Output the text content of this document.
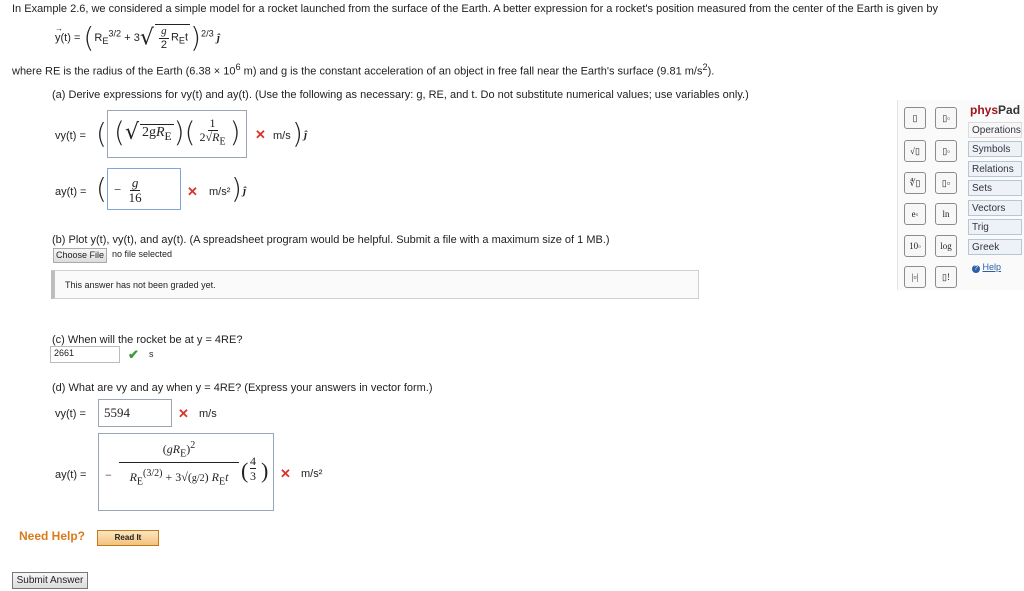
In Example 2.6, we considered a simple model for a rocket launched from the surface of the Earth. A better expression for a rocket's position measured from the center of the Earth is given by
→ $y(t) = (R_E^{3/2} + 3√ \frac{g}{2} R_Et)^{2/3}$ ĵ
where RE is the radius of the Earth ($6.38 \times 10^6$ m) and g is the constant acceleration of an object in free fall near the Earth's surface (9.81 $m/s^2$).
(a) Derive expressions for vy(t) and ay(t). (Use the following as necessary: g, RE, and t. Do not substitute numerical values; use variables only.)
vy(t) = ( (√ $2gR_E)( \frac{1}{2√R_E}$ ) ✕ m/s ) ĵ
ay(t) = ( − $\frac{g}{16}$	✕ m/s² ) ĵ
(b) Plot y(t), vy(t), and ay(t). (A spreadsheet program would be helpful. Submit a file with a maximum size of 1 MB.)
Choose File no file selected
This answer has not been graded yet.
(c) When will the rocket be at y = 4RE?
2661	✔ s
(d) What are vy and ay when y = 4RE? (Express your answers in vector form.)
vy(t) = 5594	✕ m/s
ay(t) = −
$(gR_E)^2$
$R_E^{(3/2)} + 3√(g/2)$ $R_Et$ ( 4
3 ) ✕ m/s²
Need Help?	Read It
Submit Answer
physPad
▯	▯ ▫
√▯	▯ ▫
∜▯	▯▫
e ▫	ln
10 ▫	log
|▫|	▯!
Operations
Symbols
Relations
Sets
Vectors
Trig
Greek
? Help
